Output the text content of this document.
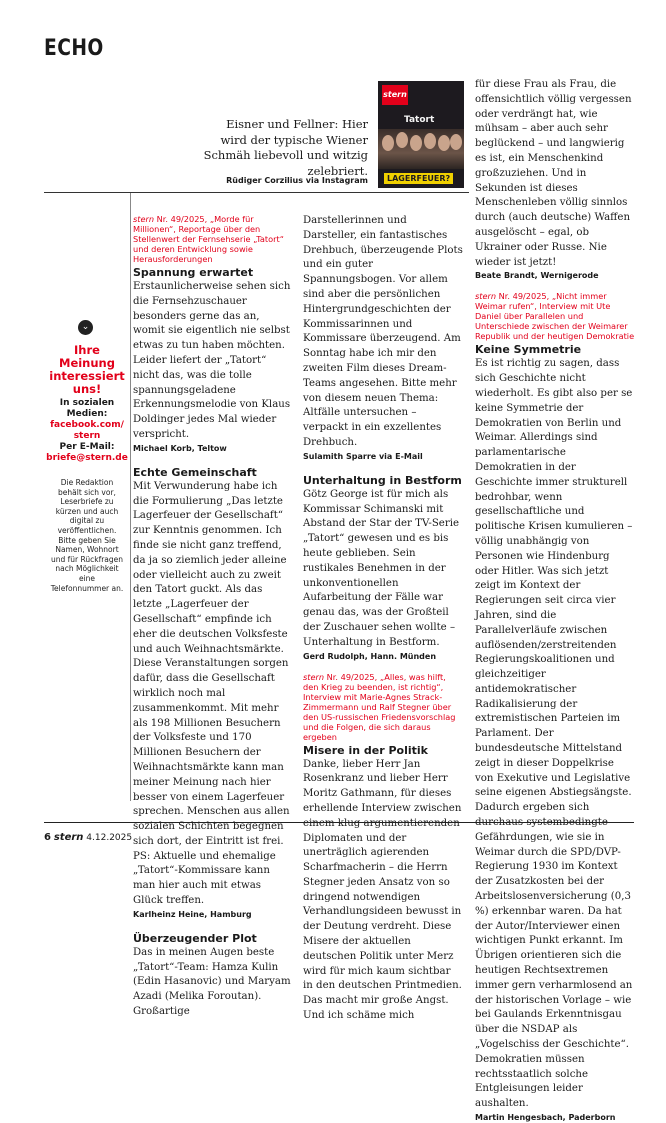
ECHO
Eisner und Fellner: Hier wird der typische Wiener Schmäh liebevoll und witzig zelebriert.
Rüdiger Corzilius via Instagram
stern
Tatort
LAGERFEUER?
⌄
Ihre Meinung interessiert uns!
In sozialen Medien:
facebook.com/ stern
Per E-Mail:
briefe@stern.de
Die Redaktion behält sich vor, Leserbriefe zu kürzen und auch digital zu veröffentlichen. Bitte geben Sie Namen, Wohnort und für Rückfragen nach Möglichkeit eine Telefonnummer an.
stern Nr. 49/2025, „Morde für Millionen“, Reportage über den Stellenwert der Fernsehserie „Tatort“ und deren Entwicklung sowie Herausforderungen
Spannung erwartet
Erstaunlicherweise sehen sich die Fernsehzuschauer besonders gerne das an, womit sie eigentlich nie selbst etwas zu tun haben möchten. Leider liefert der „Tatort“ nicht das, was die tolle spannungsgeladene Erkennungsmelodie von Klaus Doldinger jedes Mal wieder verspricht.
Michael Korb, Teltow
Echte Gemeinschaft
Mit Verwunderung habe ich die Formulierung „Das letzte Lagerfeuer der Gesellschaft“ zur Kenntnis genommen. Ich finde sie nicht ganz treffend, da ja so ziemlich jeder alleine oder vielleicht auch zu zweit den Tatort guckt. Als das letzte „Lagerfeuer der Gesellschaft“ empfinde ich eher die deutschen Volksfeste und auch Weihnachtsmärkte. Diese Veranstaltungen sorgen dafür, dass die Gesellschaft wirklich noch mal zusammenkommt. Mit mehr als 198 Millionen Besuchern der Volksfeste und 170 Millionen Besuchern der Weihnachtsmärkte kann man meiner Meinung nach hier besser von einem Lagerfeuer sprechen. Menschen aus allen sozialen Schichten begegnen sich dort, der Eintritt ist frei. PS: Aktuelle und ehemalige „Tatort“-Kommissare kann man hier auch mit etwas Glück treffen.
Karlheinz Heine, Hamburg
Überzeugender Plot
Das in meinen Augen beste „Tatort“-Team: Hamza Kulin (Edin Hasanovic) und Maryam Azadi (Melika Foroutan). Großartige
Darstellerinnen und Darsteller, ein fantastisches Drehbuch, überzeugende Plots und ein guter Spannungsbogen. Vor allem sind aber die persönlichen Hintergrundgeschichten der Kommissarinnen und Kommissare überzeugend. Am Sonntag habe ich mir den zweiten Film dieses Dream-Teams angesehen. Bitte mehr von diesem neuen Thema: Altfälle untersuchen – verpackt in ein exzellentes Drehbuch.
Sulamith Sparre via E-Mail
Unterhaltung in Bestform
Götz George ist für mich als Kommissar Schimanski mit Abstand der Star der TV-Serie „Tatort“ gewesen und es bis heute geblieben. Sein rustikales Benehmen in der unkonventionellen Aufarbeitung der Fälle war genau das, was der Großteil der Zuschauer sehen wollte – Unterhaltung in Bestform.
Gerd Rudolph, Hann. Münden
stern Nr. 49/2025, „Alles, was hilft, den Krieg zu beenden, ist richtig“, Interview mit Marie-Agnes Strack-Zimmermann und Ralf Stegner über den US-russischen Friedensvorschlag und die Folgen, die sich daraus ergeben
Misere in der Politik
Danke, lieber Herr Jan Rosenkranz und lieber Herr Moritz Gathmann, für dieses erhellende Interview zwischen einem klug argumentierenden Diplomaten und der unerträglich agierenden Scharfmacherin – die Herrn Stegner jeden Ansatz von so dringend notwendigen Verhandlungsideen bewusst in der Deutung verdreht. Diese Misere der aktuellen deutschen Politik unter Merz wird für mich kaum sichtbar in den deutschen Printmedien. Das macht mir große Angst. Und ich schäme mich
für diese Frau als Frau, die offensichtlich völlig vergessen oder verdrängt hat, wie mühsam – aber auch sehr beglückend – und langwierig es ist, ein Menschenkind großzuziehen. Und in Sekunden ist dieses Menschenleben völlig sinnlos durch (auch deutsche) Waffen ausgelöscht – egal, ob Ukrainer oder Russe. Nie wieder ist jetzt!
Beate Brandt, Wernigerode
stern Nr. 49/2025, „Nicht immer Weimar rufen“, Interview mit Ute Daniel über Parallelen und Unterschiede zwischen der Weimarer Republik und der heutigen Demokratie
Keine Symmetrie
Es ist richtig zu sagen, dass sich Geschichte nicht wiederholt. Es gibt also per se keine Symmetrie der Demokratien von Berlin und Weimar. Allerdings sind parlamentarische Demokratien in der Geschichte immer strukturell bedrohbar, wenn gesellschaftliche und politische Krisen kumulieren – völlig unabhängig von Personen wie Hindenburg oder Hitler. Was sich jetzt zeigt im Kontext der Regierungen seit circa vier Jahren, sind die Parallelverläufe zwischen auflösenden/zerstreitenden Regierungskoalitionen und gleichzeitiger antidemokratischer Radikalisierung der extremistischen Parteien im Parlament. Der bundesdeutsche Mittelstand zeigt in dieser Doppelkrise von Exekutive und Legislative seine eigenen Abstiegsängste. Dadurch ergeben sich durchaus systembedingte Gefährdungen, wie sie in Weimar durch die SPD/DVP-Regierung 1930 im Kontext der Zusatzkosten bei der Arbeitslosenversicherung (0,3 %) erkennbar waren. Da hat der Autor/Interviewer einen wichtigen Punkt erkannt. Im Übrigen orientieren sich die heutigen Rechtsextremen immer gern verharmlosend an der historischen Vorlage – wie bei Gaulands Erkenntnisgau über die NSDAP als „Vogelschiss der Geschichte“. Demokratien müssen rechtsstaatlich solche Entgleisungen leider aushalten.
Martin Hengesbach, Paderborn
6 stern 4.12.2025
